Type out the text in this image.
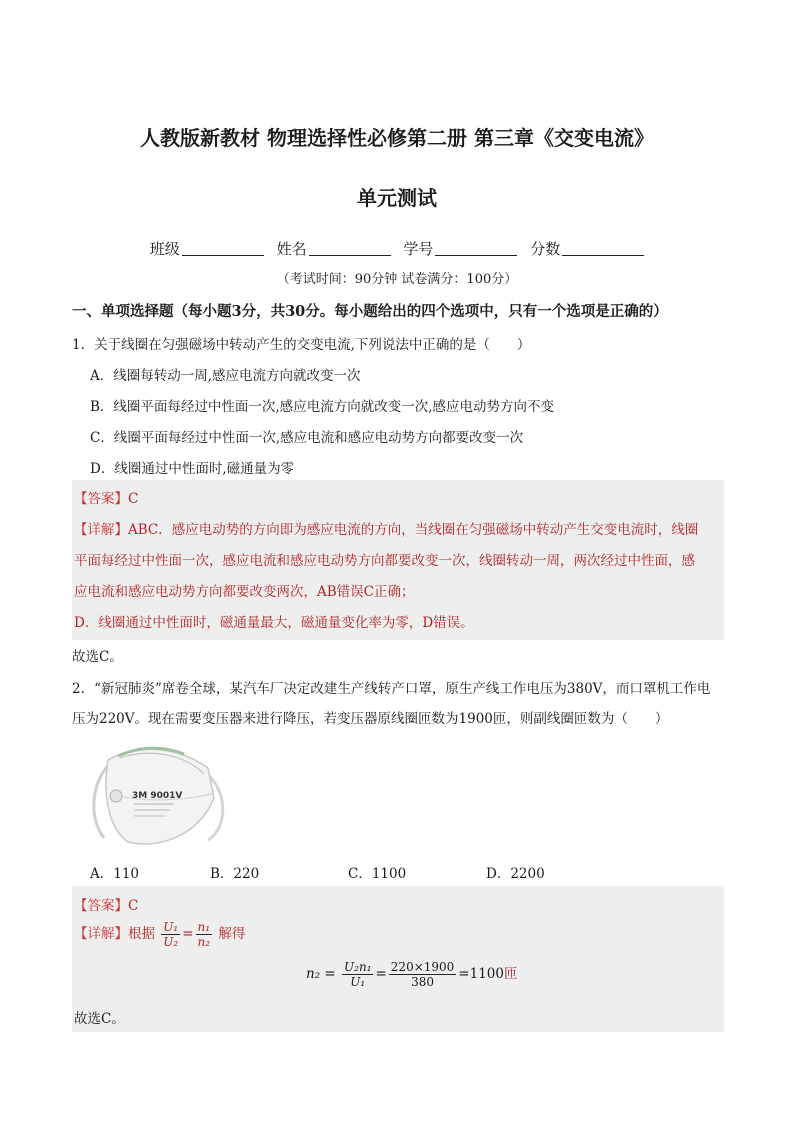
人教版新教材 物理选择性必修第二册 第三章《交变电流》
单元测试
班级	姓名	学号	分数
（考试时间：90分钟 试卷满分：100分）
一、单项选择题（每小题3分，共30分。每小题给出的四个选项中，只有一个选项是正确的）
1．关于线圈在匀强磁场中转动产生的交变电流,下列说法中正确的是（　　）
A．线圈每转动一周,感应电流方向就改变一次
B．线圈平面每经过中性面一次,感应电流方向就改变一次,感应电动势方向不变
C．线圈平面每经过中性面一次,感应电流和感应电动势方向都要改变一次
D．线圈通过中性面时,磁通量为零
【答案】C
【详解】ABC．感应电动势的方向即为感应电流的方向，当线圈在匀强磁场中转动产生交变电流时，线圈
平面每经过中性面一次，感应电流和感应电动势方向都要改变一次，线圈转动一周，两次经过中性面，感
应电流和感应电动势方向都要改变两次，AB错误C正确；
D．线圈通过中性面时，磁通量最大，磁通量变化率为零，D错误。
故选C。
2．“新冠肺炎”席卷全球，某汽车厂决定改建生产线转产口罩，原生产线工作电压为380V，而口罩机工作电
压为220V。现在需要变压器来进行降压，若变压器原线圈匝数为1900匝，则副线圈匝数为（　　）
3M 9001V
A．110	B．220	C．1100	D．2200
【答案】C
【详解】根据 $\frac{\text{U₁}}{\text{U₂}} = \frac{\text{n₁}}{\text{n₂}}$ 解得
故选C。
$n_2 = \frac{\text{U₂n₁}}{\text{U₁}} = \frac{220\times 1900}{380} =1100$匝
